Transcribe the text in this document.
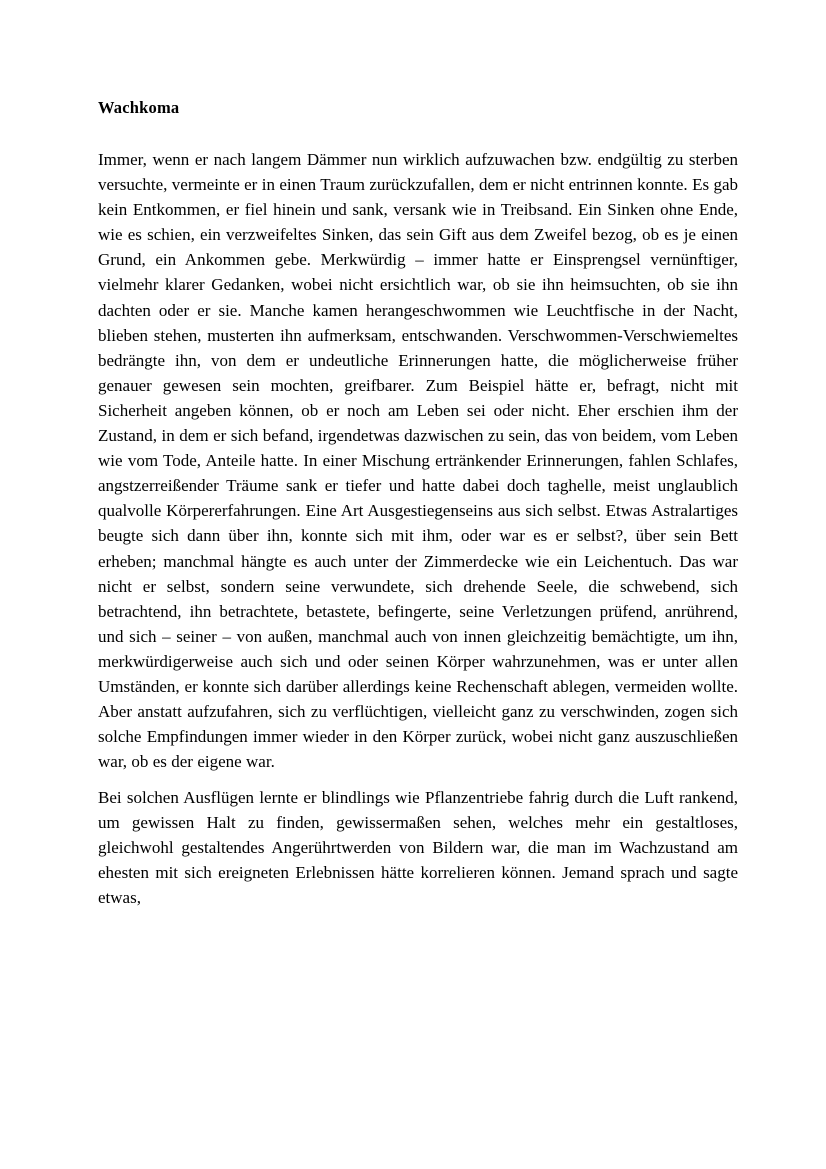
Wachkoma

Immer, wenn er nach langem Dämmer nun wirklich aufzuwachen bzw. endgültig zu sterben versuchte, vermeinte er in einen Traum zurückzufallen, dem er nicht entrinnen konnte. Es gab kein Entkommen, er fiel hinein und sank, versank wie in Treibsand. Ein Sinken ohne Ende, wie es schien, ein verzweifeltes Sinken, das sein Gift aus dem Zweifel bezog, ob es je einen Grund, ein Ankommen gebe. Merkwürdig – immer hatte er Einsprengsel vernünftiger, vielmehr klarer Gedanken, wobei nicht ersichtlich war, ob sie ihn heimsuchten, ob sie ihn dachten oder er sie. Manche kamen herangeschwommen wie Leuchtfische in der Nacht, blieben stehen, musterten ihn aufmerksam, entschwanden. Verschwommen-Verschwiemeltes bedrängte ihn, von dem er undeutliche Erinnerungen hatte, die möglicherweise früher genauer gewesen sein mochten, greifbarer. Zum Beispiel hätte er, befragt, nicht mit Sicherheit angeben können, ob er noch am Leben sei oder nicht. Eher erschien ihm der Zustand, in dem er sich befand, irgendetwas dazwischen zu sein, das von beidem, vom Leben wie vom Tode, Anteile hatte. In einer Mischung ertränkender Erinnerungen, fahlen Schlafes, angstzerreißender Träume sank er tiefer und hatte dabei doch taghelle, meist unglaublich qualvolle Körpererfahrungen. Eine Art Ausgestiegenseins aus sich selbst. Etwas Astralartiges beugte sich dann über ihn, konnte sich mit ihm, oder war es er selbst?, über sein Bett erheben; manchmal hängte es auch unter der Zimmerdecke wie ein Leichentuch. Das war nicht er selbst, sondern seine verwundete, sich drehende Seele, die schwebend, sich betrachtend, ihn betrachtete, betastete, befingerte, seine Verletzungen prüfend, anrührend, und sich – seiner – von außen, manchmal auch von innen gleichzeitig bemächtigte, um ihn, merkwürdigerweise auch sich und oder seinen Körper wahrzunehmen, was er unter allen Umständen, er konnte sich darüber allerdings keine Rechenschaft ablegen, vermeiden wollte. Aber anstatt aufzufahren, sich zu verflüchtigen, vielleicht ganz zu verschwinden, zogen sich solche Empfindungen immer wieder in den Körper zurück, wobei nicht ganz auszuschließen war, ob es der eigene war.

Bei solchen Ausflügen lernte er blindlings wie Pflanzentriebe fahrig durch die Luft rankend, um gewissen Halt zu finden, gewissermaßen sehen, welches mehr ein gestaltloses, gleichwohl gestaltendes Angerührtwerden von Bildern war, die man im Wachzustand am ehesten mit sich ereigneten Erlebnissen hätte korrelieren können. Jemand sprach und sagte etwas,
